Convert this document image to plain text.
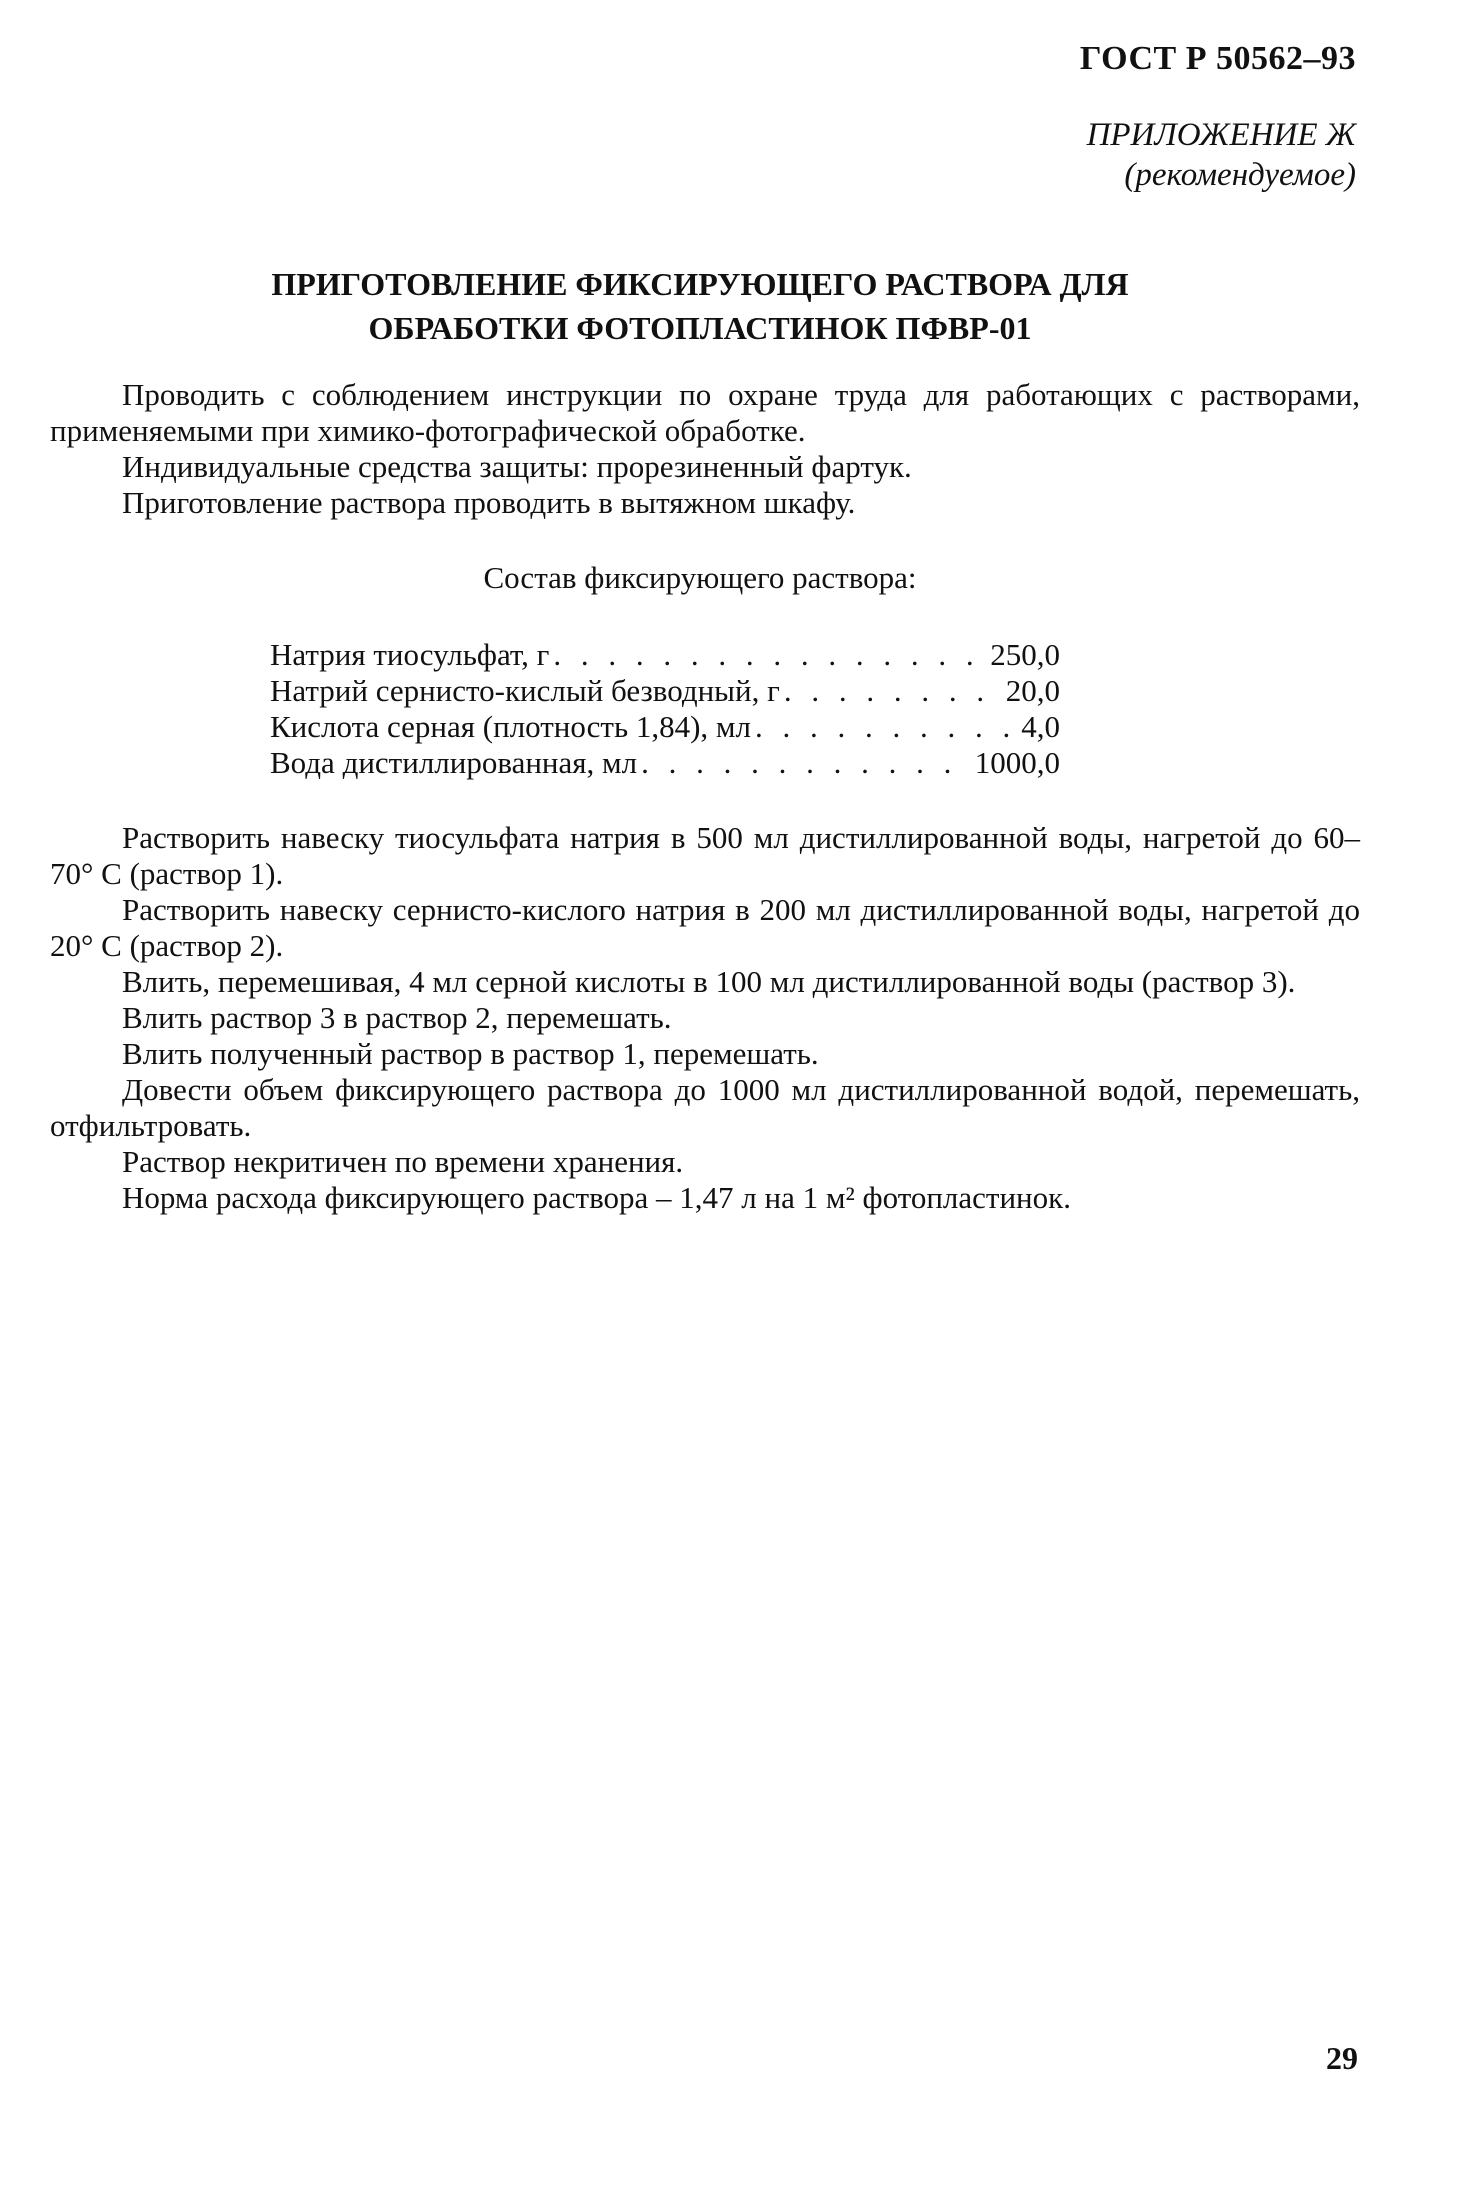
ГОСТ Р 50562–93
ПРИЛОЖЕНИЕ Ж
(рекомендуемое)
ПРИГОТОВЛЕНИЕ ФИКСИРУЮЩЕГО РАСТВОРА ДЛЯ
ОБРАБОТКИ ФОТОПЛАСТИНОК ПФВР-01

Проводить с соблюдением инструкции по охране труда для работающих с растворами, применяемыми при химико-фотографической обработке.

Индивидуальные средства защиты: прорезиненный фартук.

Приготовление раствора проводить в вытяжном шкафу.

Состав фиксирующего раствора:
Натрия тиосульфат, г . . .	250,0
Натрий сернисто-кислый безводный, г . . .	20,0
Кислота серная (плотность 1,84), мл . . .	4,0
Вода дистиллированная, мл . . .	1000,0

Растворить навеску тиосульфата натрия в 500 мл дистиллированной воды, нагретой до 60–70° С (раствор 1).

Растворить навеску сернисто-кислого натрия в 200 мл дистиллированной воды, нагретой до 20° С (раствор 2).

Влить, перемешивая, 4 мл серной кислоты в 100 мл дистиллированной воды (раствор 3).

Влить раствор 3 в раствор 2, перемешать.

Влить полученный раствор в раствор 1, перемешать.

Довести объем фиксирующего раствора до 1000 мл дистиллированной водой, перемешать, отфильтровать.

Раствор некритичен по времени хранения.

Норма расхода фиксирующего раствора – 1,47 л на 1 м² фотопластинок.

29
